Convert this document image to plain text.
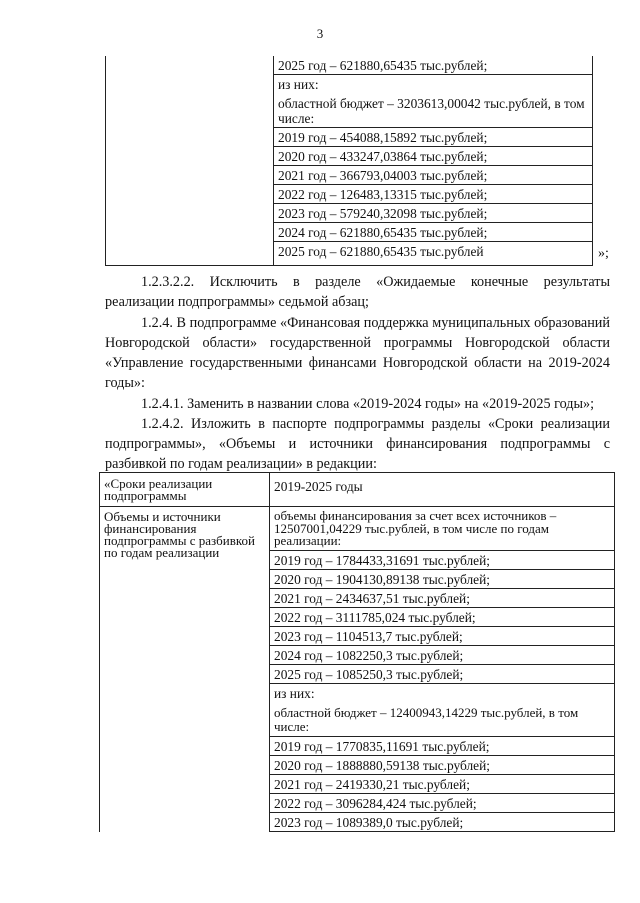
3
2025 год – 621880,65435 тыс.рублей;
из них:
областной бюджет – 3203613,00042 тыс.рублей, в том числе:
2019 год – 454088,15892 тыс.рублей;
2020 год – 433247,03864 тыс.рублей;
2021 год – 366793,04003 тыс.рублей;
2022 год – 126483,13315 тыс.рублей;
2023 год – 579240,32098 тыс.рублей;
2024 год – 621880,65435 тыс.рублей;
2025 год – 621880,65435 тыс.рублей	»;
1.2.3.2.2. Исключить в разделе «Ожидаемые конечные результаты реализации подпрограммы» седьмой абзац;
1.2.4. В подпрограмме «Финансовая поддержка муниципальных образований Новгородской области» государственной программы Новгородской области «Управление государственными финансами Новгородской области на 2019-2024 годы»:
1.2.4.1. Заменить в названии слова «2019-2024 годы» на «2019-2025 годы»;
1.2.4.2. Изложить в паспорте подпрограммы разделы «Сроки реализации подпрограммы», «Объемы и источники финансирования подпрограммы с разбивкой по годам реализации» в редакции:
«Сроки реализации подпрограммы
2019-2025 годы
Объемы и источники финансирования подпрограммы с разбивкой по годам реализации
объемы финансирования за счет всех источников – 12507001,04229 тыс.рублей, в том числе по годам реализации:
2019 год – 1784433,31691 тыс.рублей;
2020 год – 1904130,89138 тыс.рублей;
2021 год – 2434637,51 тыс.рублей;
2022 год – 3111785,024 тыс.рублей;
2023 год – 1104513,7 тыс.рублей;
2024 год – 1082250,3 тыс.рублей;
2025 год – 1085250,3 тыс.рублей;
из них:
областной бюджет – 12400943,14229 тыс.рублей, в том числе:
2019 год – 1770835,11691 тыс.рублей;
2020 год – 1888880,59138 тыс.рублей;
2021 год – 2419330,21 тыс.рублей;
2022 год – 3096284,424 тыс.рублей;
2023 год – 1089389,0 тыс.рублей;
